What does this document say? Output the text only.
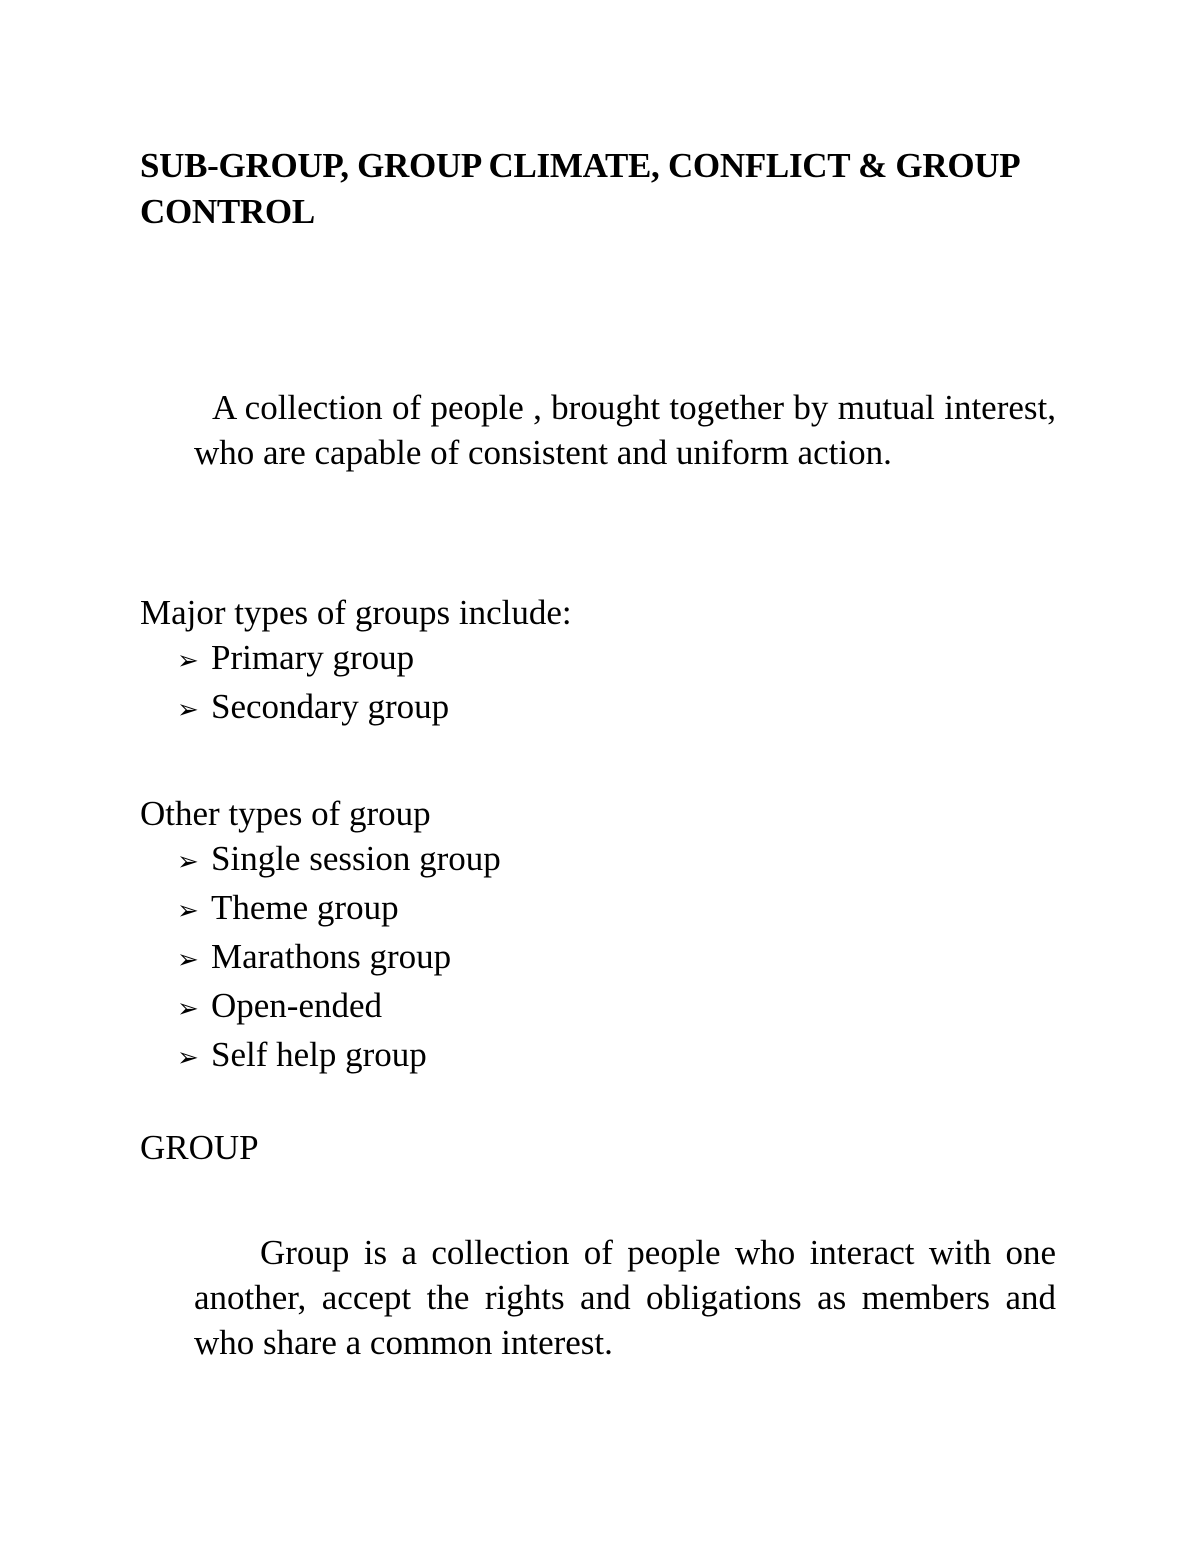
SUB-GROUP, GROUP CLIMATE, CONFLICT & GROUP CONTROL

A collection of people , brought together by mutual interest, who are capable of consistent and uniform action.

Major types of groups include:

➢ Primary group
➢ Secondary group

Other types of group

➢ Single session group
➢ Theme group
➢ Marathons group
➢ Open-ended
➢ Self help group

GROUP

Group is a collection of people who interact with one another, accept the rights and obligations as members and who share a common interest.
